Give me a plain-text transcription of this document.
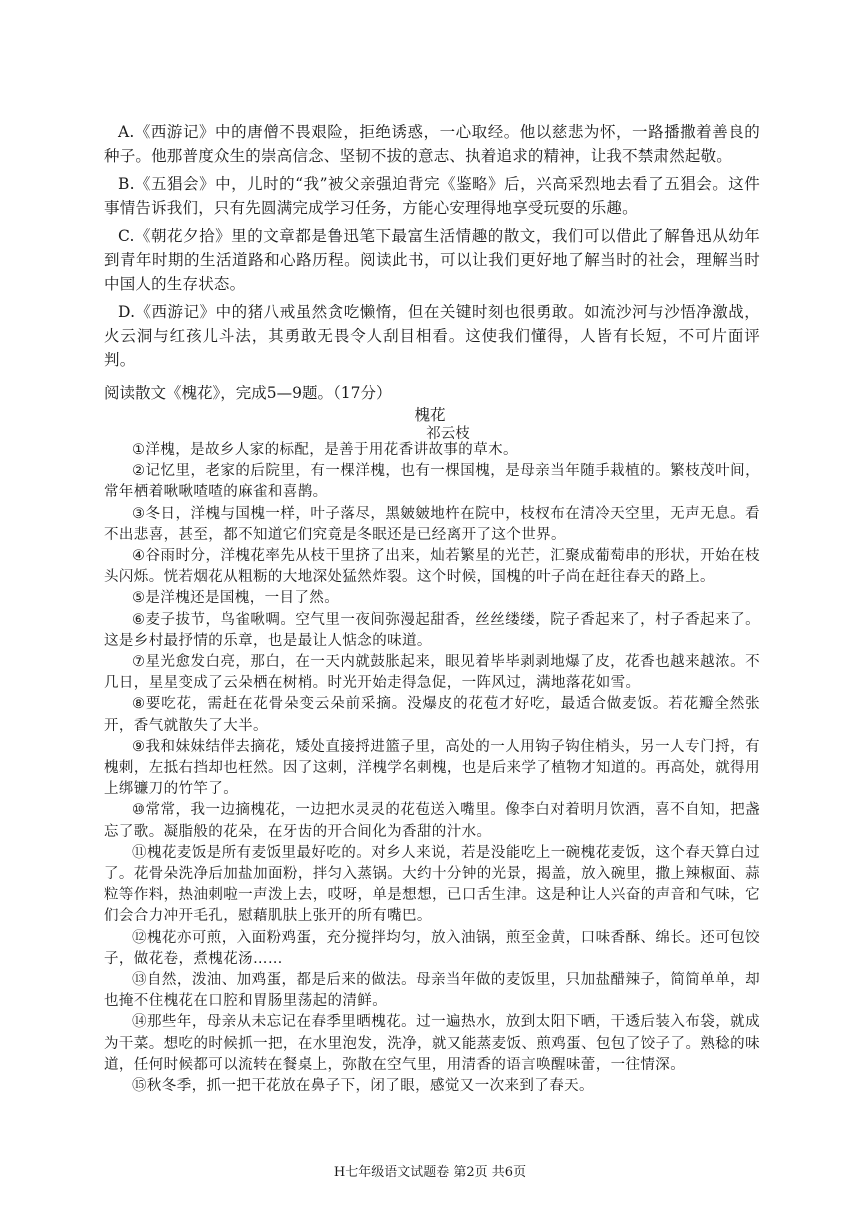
A.《西游记》中的唐僧不畏艰险，拒绝诱惑，一心取经。他以慈悲为怀，一路播撒着善良的种子。他那普度众生的崇高信念、坚韧不拔的意志、执着追求的精神，让我不禁肃然起敬。

B.《五猖会》中，儿时的“我”被父亲强迫背完《鉴略》后，兴高采烈地去看了五猖会。这件事情告诉我们，只有先圆满完成学习任务，方能心安理得地享受玩耍的乐趣。

C.《朝花夕拾》里的文章都是鲁迅笔下最富生活情趣的散文，我们可以借此了解鲁迅从幼年到青年时期的生活道路和心路历程。阅读此书，可以让我们更好地了解当时的社会，理解当时中国人的生存状态。

D.《西游记》中的猪八戒虽然贪吃懒惰，但在关键时刻也很勇敢。如流沙河与沙悟净激战，火云洞与红孩儿斗法，其勇敢无畏令人刮目相看。这使我们懂得，人皆有长短，不可片面评判。

阅读散文《槐花》，完成5—9题。（17分）
槐花
祁云枝

①洋槐，是故乡人家的标配，是善于用花香讲故事的草木。

②记忆里，老家的后院里，有一棵洋槐，也有一棵国槐，是母亲当年随手栽植的。繁枝茂叶间，常年栖着啾啾喳喳的麻雀和喜鹊。

③冬日，洋槐与国槐一样，叶子落尽，黑皴皴地杵在院中，枝杈布在清冷天空里，无声无息。看不出悲喜，甚至，都不知道它们究竟是冬眠还是已经离开了这个世界。

④谷雨时分，洋槐花率先从枝干里挤了出来，灿若繁星的光芒，汇聚成葡萄串的形状，开始在枝头闪烁。恍若烟花从粗粝的大地深处猛然炸裂。这个时候，国槐的叶子尚在赶往春天的路上。

⑤是洋槐还是国槐，一目了然。

⑥麦子拔节，鸟雀啾啁。空气里一夜间弥漫起甜香，丝丝缕缕，院子香起来了，村子香起来了。这是乡村最抒情的乐章，也是最让人惦念的味道。

⑦星光愈发白亮，那白，在一天内就鼓胀起来，眼见着毕毕剥剥地爆了皮，花香也越来越浓。不几日，星星变成了云朵栖在树梢。时光开始走得急促，一阵风过，满地落花如雪。

⑧要吃花，需赶在花骨朵变云朵前采摘。没爆皮的花苞才好吃，最适合做麦饭。若花瓣全然张开，香气就散失了大半。

⑨我和妹妹结伴去摘花，矮处直接捋进篮子里，高处的一人用钩子钩住梢头，另一人专门捋，有槐刺，左抵右挡却也枉然。因了这刺，洋槐学名刺槐，也是后来学了植物才知道的。再高处，就得用上绑镰刀的竹竿了。

⑩常常，我一边摘槐花，一边把水灵灵的花苞送入嘴里。像李白对着明月饮酒，喜不自知，把盏忘了歌。凝脂般的花朵，在牙齿的开合间化为香甜的汁水。

⑪槐花麦饭是所有麦饭里最好吃的。对乡人来说，若是没能吃上一碗槐花麦饭，这个春天算白过了。花骨朵洗净后加盐加面粉，拌匀入蒸锅。大约十分钟的光景，揭盖，放入碗里，撒上辣椒面、蒜粒等作料，热油刺啦一声泼上去，哎呀，单是想想，已口舌生津。这是种让人兴奋的声音和气味，它们会合力冲开毛孔，慰藉肌肤上张开的所有嘴巴。

⑫槐花亦可煎，入面粉鸡蛋，充分搅拌均匀，放入油锅，煎至金黄，口味香酥、绵长。还可包饺子，做花卷，煮槐花汤……

⑬自然，泼油、加鸡蛋，都是后来的做法。母亲当年做的麦饭里，只加盐醋辣子，简简单单，却也掩不住槐花在口腔和胃肠里荡起的清鲜。

⑭那些年，母亲从未忘记在春季里晒槐花。过一遍热水，放到太阳下晒，干透后装入布袋，就成为干菜。想吃的时候抓一把，在水里泡发，洗净，就又能蒸麦饭、煎鸡蛋、包包了饺子了。熟稔的味道，任何时候都可以流转在餐桌上，弥散在空气里，用清香的语言唤醒味蕾，一往情深。

⑮秋冬季，抓一把干花放在鼻子下，闭了眼，感觉又一次来到了春天。

H七年级语文试题卷 第2页 共6页
